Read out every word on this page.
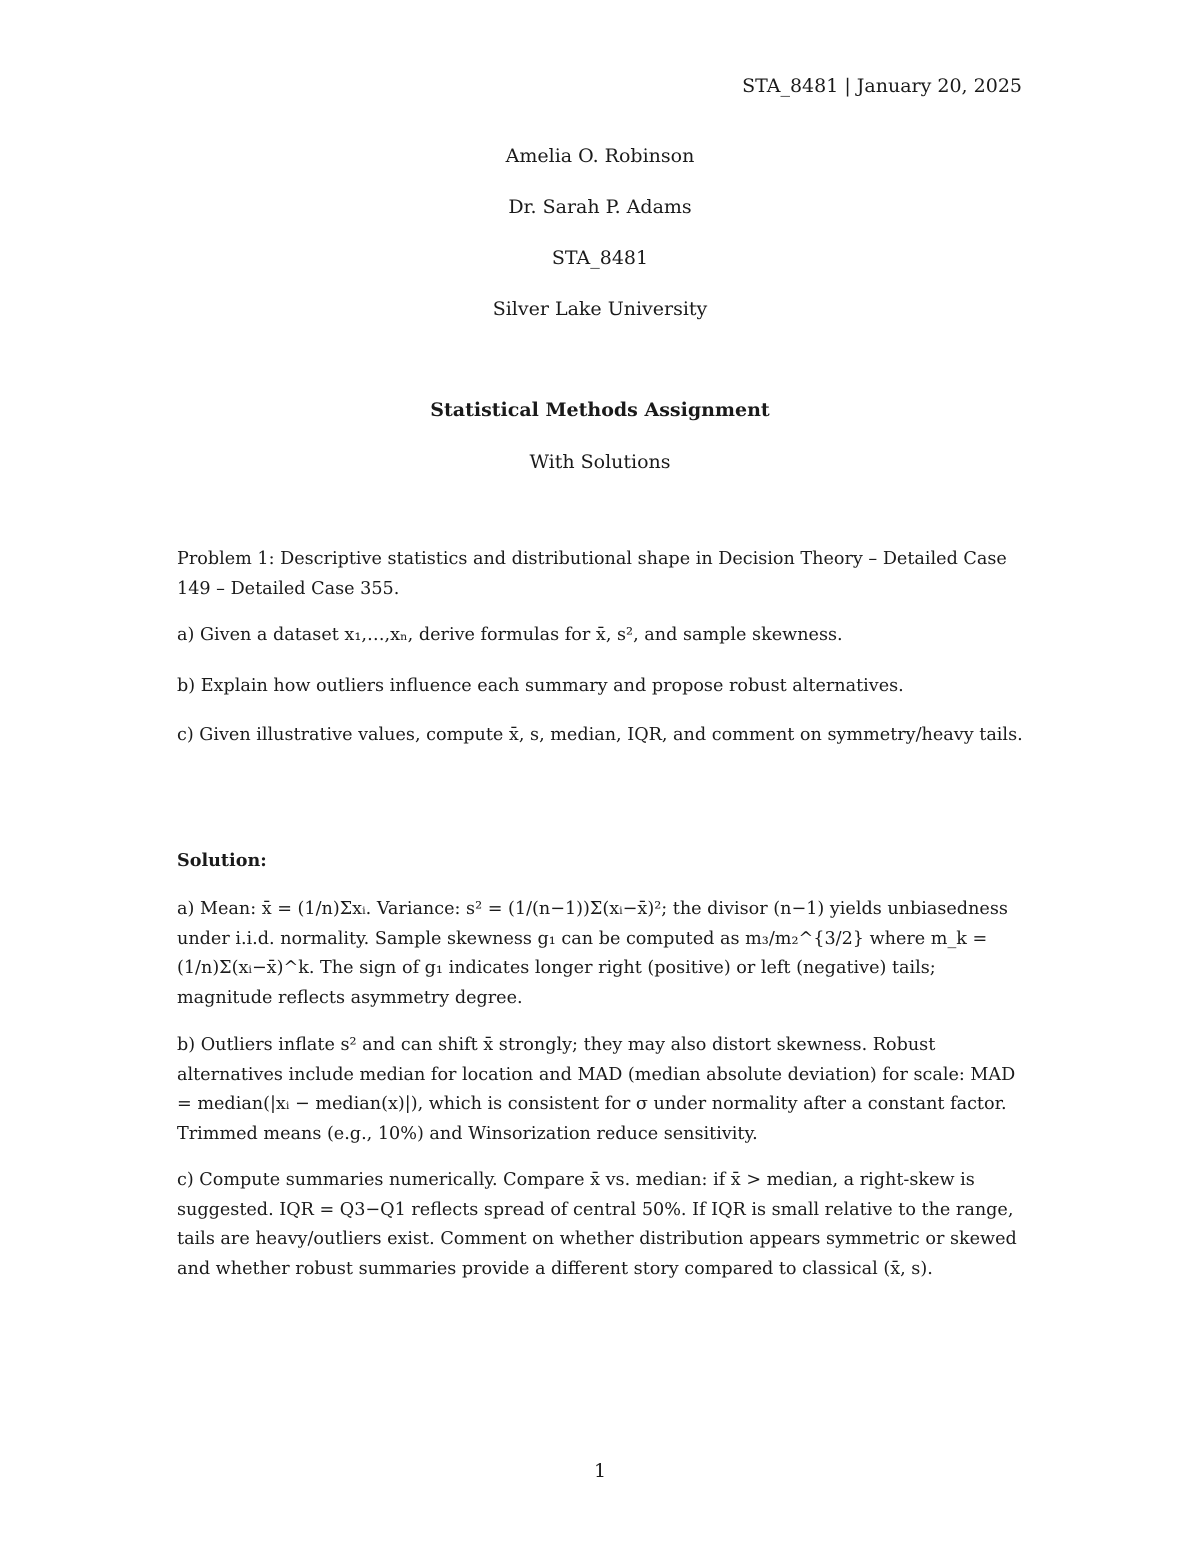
STA_8481 | January 20, 2025
Amelia O. Robinson
Dr. Sarah P. Adams
STA_8481
Silver Lake University
Statistical Methods Assignment
With Solutions

Problem 1: Descriptive statistics and distributional shape in Decision Theory – Detailed Case 149 – Detailed Case 355.

a) Given a dataset x₁,…,xₙ, derive formulas for x̄, s², and sample skewness.

b) Explain how outliers influence each summary and propose robust alternatives.

c) Given illustrative values, compute x̄, s, median, IQR, and comment on symmetry/heavy tails.

Solution:

a) Mean: x̄ = (1/n)Σxᵢ. Variance: s² = (1/(n−1))Σ(xᵢ−x̄)²; the divisor (n−1) yields unbiasedness under i.i.d. normality. Sample skewness g₁ can be computed as m₃/m₂^{3/2} where m_k = (1/n)Σ(xᵢ−x̄)^k. The sign of g₁ indicates longer right (positive) or left (negative) tails; magnitude reflects asymmetry degree.

b) Outliers inflate s² and can shift x̄ strongly; they may also distort skewness. Robust alternatives include median for location and MAD (median absolute deviation) for scale: MAD = median(|xᵢ − median(x)|), which is consistent for σ under normality after a constant factor. Trimmed means (e.g., 10%) and Winsorization reduce sensitivity.

c) Compute summaries numerically. Compare x̄ vs. median: if x̄ > median, a right-skew is suggested. IQR = Q3−Q1 reflects spread of central 50%. If IQR is small relative to the range, tails are heavy/outliers exist. Comment on whether distribution appears symmetric or skewed and whether robust summaries provide a different story compared to classical (x̄, s).

1
